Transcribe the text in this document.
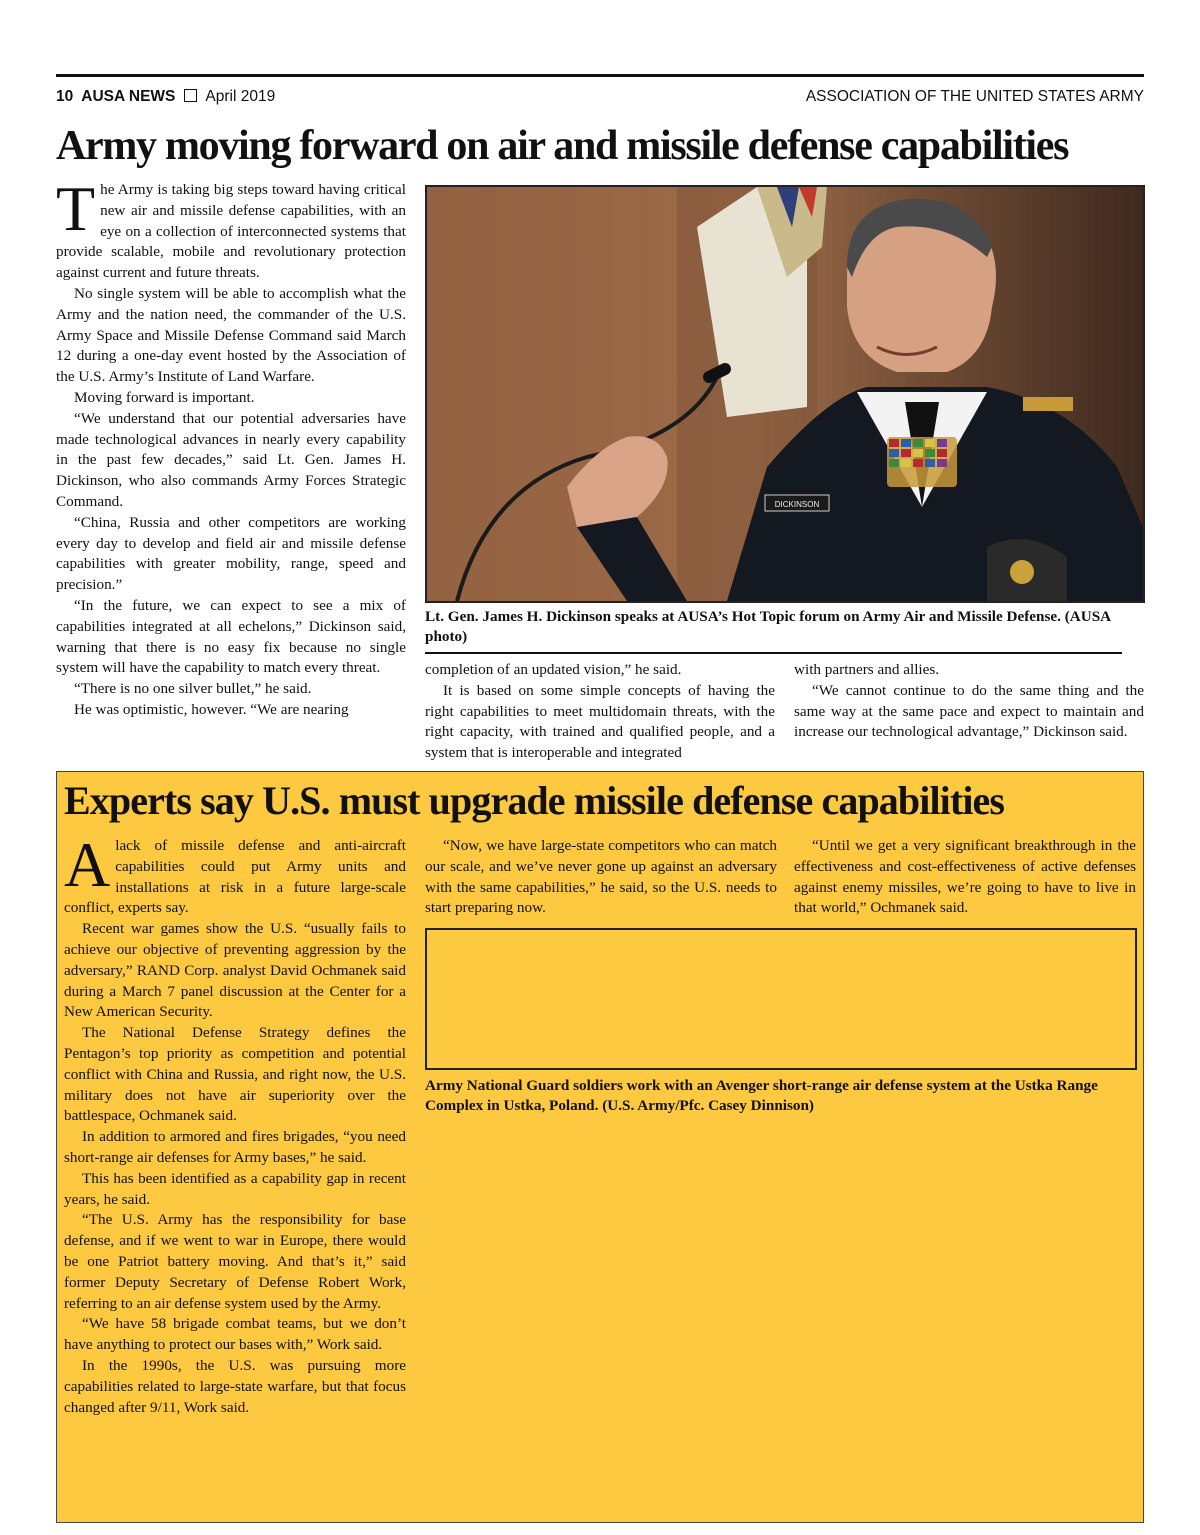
10 AUSA NEWS April 2019	ASSOCIATION OF THE UNITED STATES ARMY
Army moving forward on air and missile defense capabilities

The Army is taking big steps toward having critical new air and missile defense capabilities, with an eye on a collection of interconnected systems that provide scalable, mobile and revolutionary protection against current and future threats.

No single system will be able to accomplish what the Army and the nation need, the commander of the U.S. Army Space and Missile Defense Command said March 12 during a one-day event hosted by the Association of the U.S. Army’s Institute of Land Warfare.

Moving forward is important.

“We understand that our potential adversaries have made technological advances in nearly every capability in the past few decades,” said Lt. Gen. James H. Dickinson, who also commands Army Forces Strategic Command.

“China, Russia and other competitors are working every day to develop and field air and missile defense capabilities with greater mobility, range, speed and precision.”

“In the future, we can expect to see a mix of capabilities integrated at all echelons,” Dickinson said, warning that there is no easy fix because no single system will have the capability to match every threat.

“There is no one silver bullet,” he said.

He was optimistic, however. “We are nearing

DICKINSON
Lt. Gen. James H. Dickinson speaks at AUSA’s Hot Topic forum on Army Air and Missile Defense. (AUSA photo)

completion of an updated vision,” he said.

It is based on some simple concepts of having the right capabilities to meet multidomain threats, with the right capacity, with trained and qualified people, and a system that is interoperable and integrated

with partners and allies.

“We cannot continue to do the same thing and the same way at the same pace and expect to maintain and increase our technological advantage,” Dickinson said.

Experts say U.S. must upgrade missile defense capabilities

Alack of missile defense and anti-aircraft capabilities could put Army units and installations at risk in a future large-scale conflict, experts say.

Recent war games show the U.S. “usually fails to achieve our objective of preventing aggression by the adversary,” RAND Corp. analyst David Ochmanek said during a March 7 panel discussion at the Center for a New American Security.

The National Defense Strategy defines the Pentagon’s top priority as competition and potential conflict with China and Russia, and right now, the U.S. military does not have air superiority over the battlespace, Ochmanek said.

In addition to armored and fires brigades, “you need short-range air defenses for Army bases,” he said.

This has been identified as a capability gap in recent years, he said.

“The U.S. Army has the responsibility for base defense, and if we went to war in Europe, there would be one Patriot battery moving. And that’s it,” said former Deputy Secretary of Defense Robert Work, referring to an air defense system used by the Army.

“We have 58 brigade combat teams, but we don’t have anything to protect our bases with,” Work said.

In the 1990s, the U.S. was pursuing more capabilities related to large-state warfare, but that focus changed after 9/11, Work said.

“Now, we have large-state competitors who can match our scale, and we’ve never gone up against an adversary with the same capabilities,” he said, so the U.S. needs to start preparing now.

“Until we get a very significant breakthrough in the effectiveness and cost-effectiveness of active defenses against enemy missiles, we’re going to have to live in that world,” Ochmanek said.

Army National Guard soldiers work with an Avenger short-range air defense system at the Ustka Range Complex in Ustka, Poland. (U.S. Army/Pfc. Casey Dinnison)
